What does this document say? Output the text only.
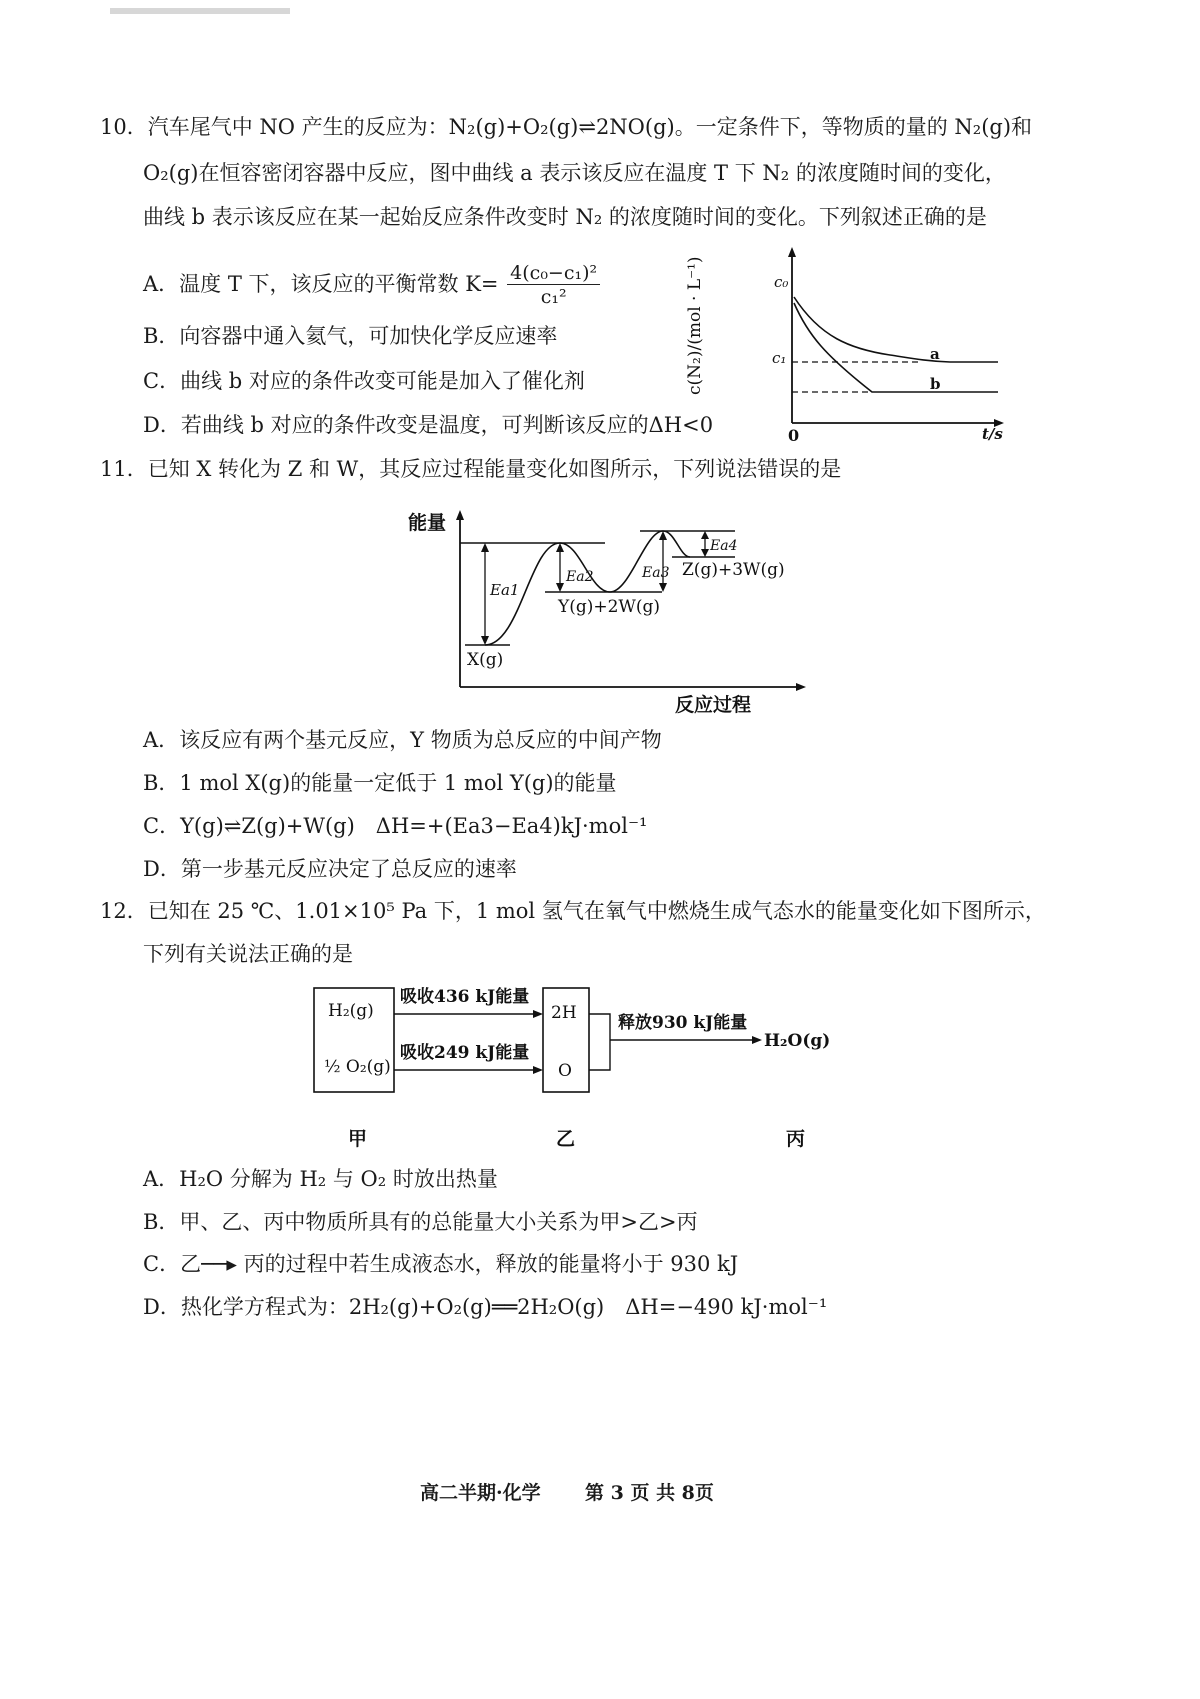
10．汽车尾气中 NO 产生的反应为：N₂(g)+O₂(g)⇌2NO(g)。一定条件下，等物质的量的 N₂(g)和
O₂(g)在恒容密闭容器中反应，图中曲线 a 表示该反应在温度 T 下 N₂ 的浓度随时间的变化，
曲线 b 表示该反应在某一起始反应条件改变时 N₂ 的浓度随时间的变化。下列叙述正确的是
A．温度 T 下，该反应的平衡常数 $K= \frac{\text{4(c₀−c₁)²}}{\text{c₁²}}$
B．向容器中通入氦气，可加快化学反应速率
C．曲线 b 对应的条件改变可能是加入了催化剂
D．若曲线 b 对应的条件改变是温度，可判断该反应的ΔH<0
c(N₂)/(mol · L⁻¹)	c₀
c₁
0	t/s
a
b
11．已知 X 转化为 Z 和 W，其反应过程能量变化如图所示，下列说法错误的是
能量
反应过程
Ea1
Ea2	Ea3
Ea4
X(g)
Y(g)+2W(g)
Z(g)+3W(g)
A．该反应有两个基元反应，Y 物质为总反应的中间产物
B．1 mol X(g)的能量一定低于 1 mol Y(g)的能量
C．Y(g)⇌Z(g)+W(g)　ΔH=+(Ea3−Ea4)kJ·mol⁻¹
D．第一步基元反应决定了总反应的速率
12．已知在 25 ℃、1.01×10⁵ Pa 下，1 mol 氢气在氧气中燃烧生成气态水的能量变化如下图所示，
下列有关说法正确的是
H₂(g)
½ O₂(g)
吸收436 kJ能量
吸收249 kJ能量
2H
O
释放930 kJ能量
H₂O(g)
甲	乙	丙
A．H₂O 分解为 H₂ 与 O₂ 时放出热量
B．甲、乙、丙中物质所具有的总能量大小关系为甲>乙>丙
C．乙──▸ 丙的过程中若生成液态水，释放的能量将小于 930 kJ
D．热化学方程式为：2H₂(g)+O₂(g)══2H₂O(g)　ΔH=−490 kJ·mol⁻¹
高二半期·化学 第 3 页 共 8页
